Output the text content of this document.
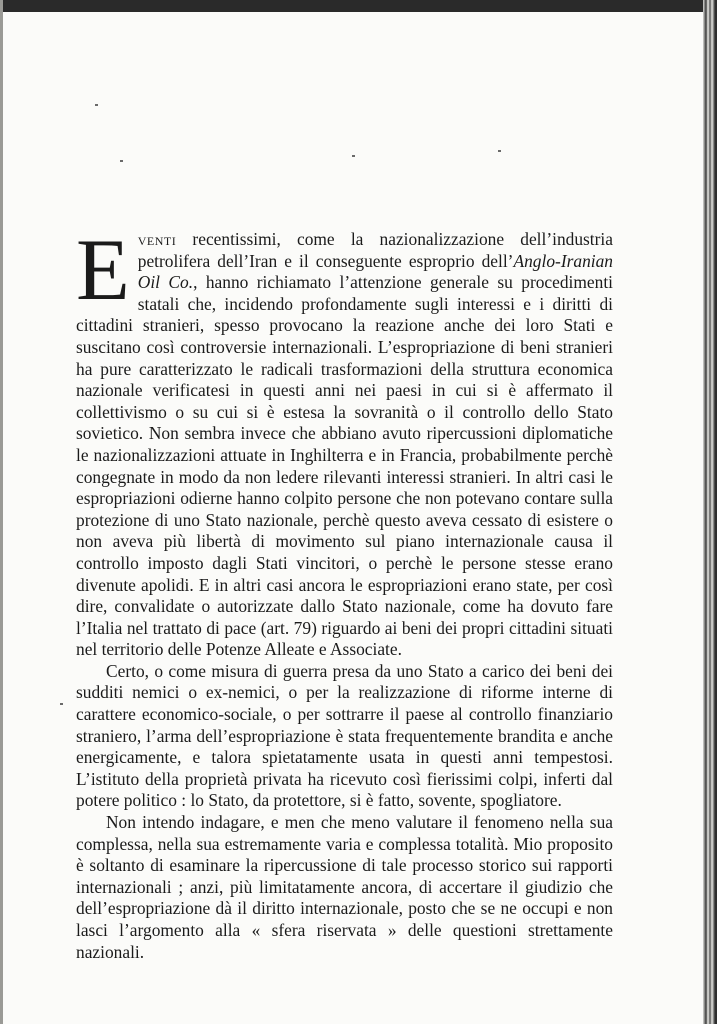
Eventi recentissimi, come la nazionalizzazione dell’industria petrolifera dell’Iran e il conseguente esproprio dell’Anglo-Iranian Oil Co., hanno richiamato l’attenzione generale su procedimenti statali che, incidendo profondamente sugli interessi e i diritti di cittadini stranieri, spesso provocano la reazione anche dei loro Stati e suscitano così controversie internazionali. L’espropriazione di beni stranieri ha pure caratterizzato le radicali trasformazioni della struttura economica nazionale verificatesi in questi anni nei paesi in cui si è affermato il collettivismo o su cui si è estesa la sovranità o il controllo dello Stato sovietico. Non sembra invece che abbiano avuto ripercussioni diplomatiche le nazionalizzazioni attuate in Inghilterra e in Francia, probabilmente perchè congegnate in modo da non ledere rilevanti interessi stranieri. In altri casi le espropriazioni odierne hanno colpito persone che non potevano contare sulla protezione di uno Stato nazionale, perchè questo aveva cessato di esistere o non aveva più libertà di movimento sul piano internazionale causa il controllo imposto dagli Stati vincitori, o perchè le persone stesse erano divenute apolidi. E in altri casi ancora le espropriazioni erano state, per così dire, convalidate o autorizzate dallo Stato nazionale, come ha dovuto fare l’Italia nel trattato di pace (art. 79) riguardo ai beni dei propri cittadini situati nel territorio delle Potenze Alleate e Associate.

Certo, o come misura di guerra presa da uno Stato a carico dei beni dei sudditi nemici o ex-nemici, o per la realizzazione di riforme interne di carattere economico-sociale, o per sottrarre il paese al controllo finanziario straniero, l’arma dell’espropriazione è stata frequentemente brandita e anche energicamente, e talora spietatamente usata in questi anni tempestosi. L’istituto della proprietà privata ha ricevuto così fierissimi colpi, inferti dal potere politico : lo Stato, da protettore, si è fatto, sovente, spogliatore.

Non intendo indagare, e men che meno valutare il fenomeno nella sua complessa, nella sua estremamente varia e complessa totalità. Mio proposito è soltanto di esaminare la ripercussione di tale processo storico sui rapporti internazionali ; anzi, più limitatamente ancora, di accertare il giudizio che dell’espropriazione dà il diritto internazionale, posto che se ne occupi e non lasci l’argomento alla « sfera riservata » delle questioni strettamente nazionali.
